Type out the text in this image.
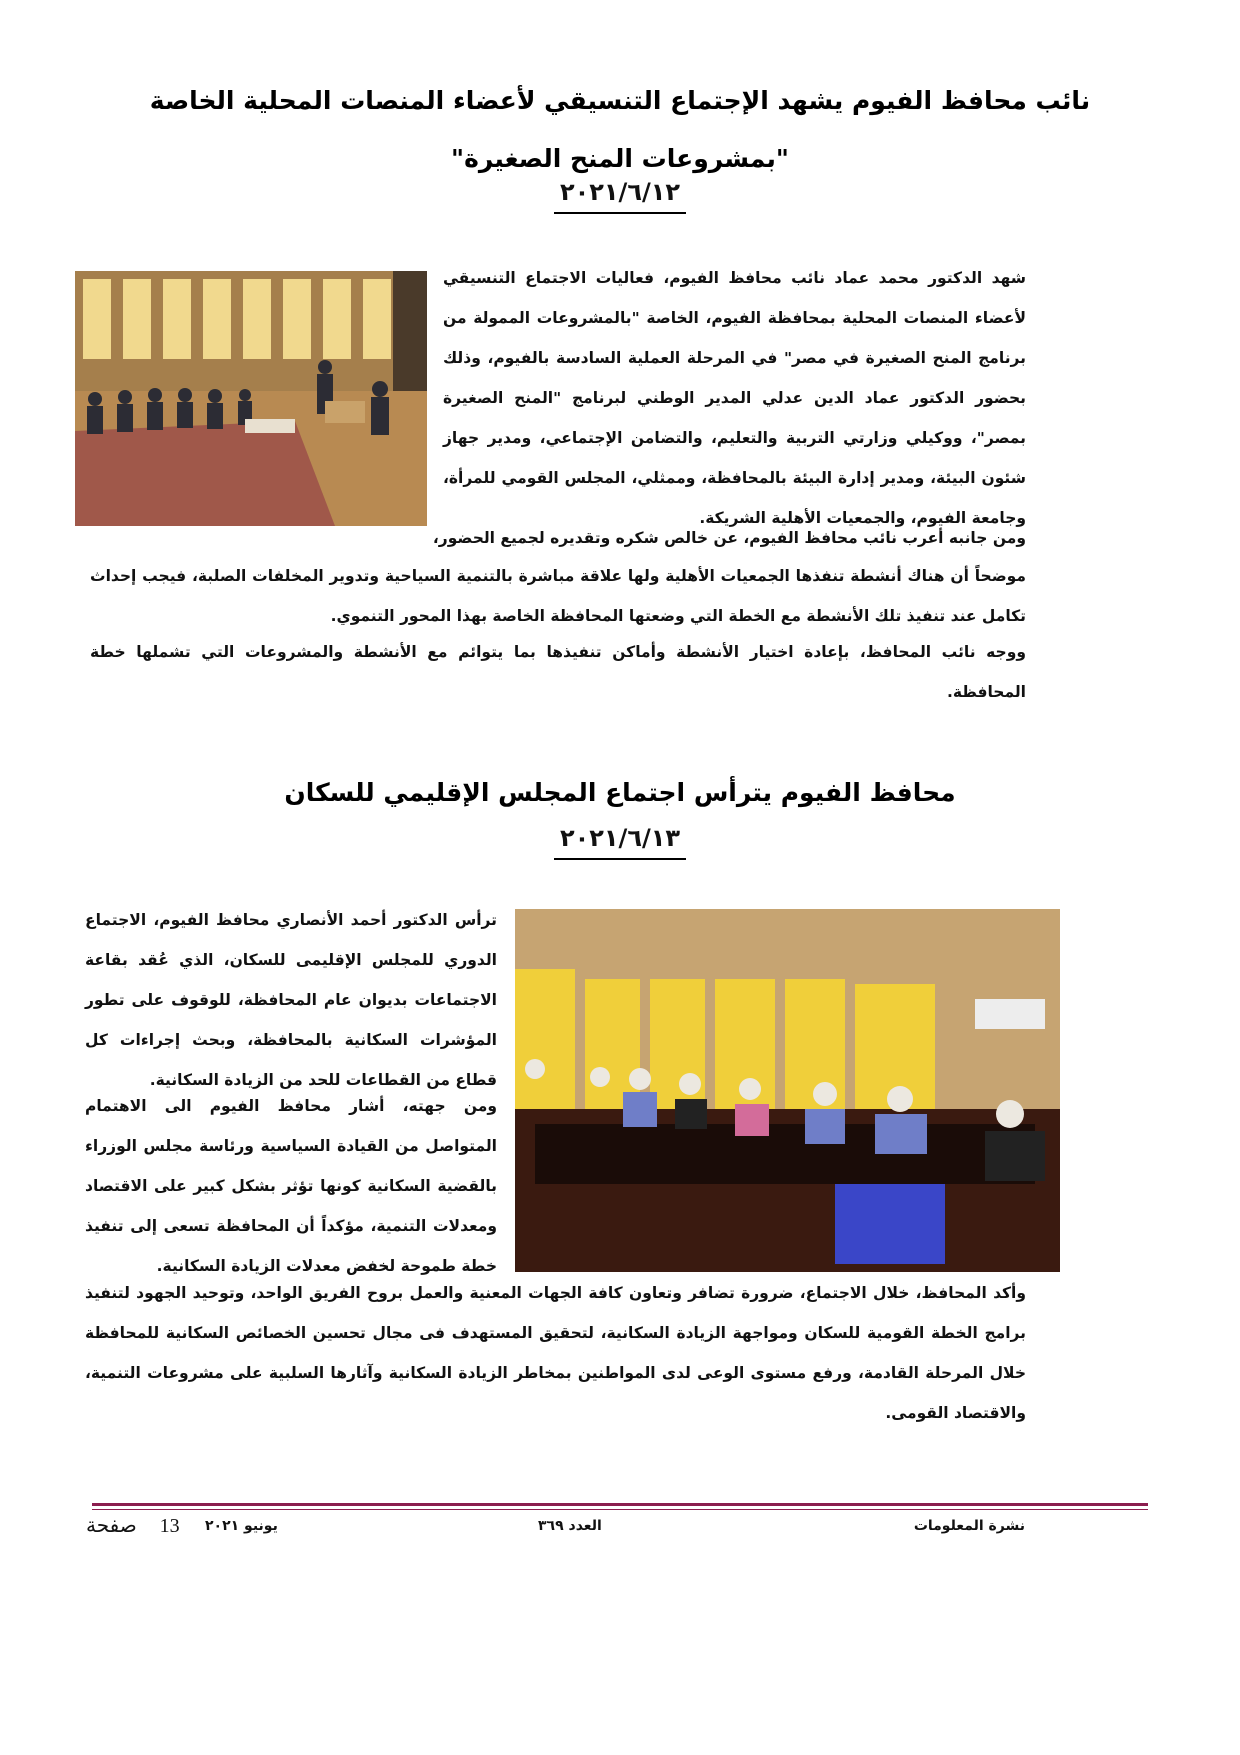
نائب محافظ الفيوم يشهد الإجتماع التنسيقي لأعضاء المنصات المحلية الخاصة "بمشروعات المنح الصغيرة"
٢٠٢١/٦/١٢

شهد الدكتور محمد عماد نائب محافظ الفيوم، فعاليات الاجتماع التنسيقي لأعضاء المنصات المحلية بمحافظة الفيوم، الخاصة "بالمشروعات الممولة من برنامج المنح الصغيرة في مصر" في المرحلة العملية السادسة بالفيوم، وذلك بحضور الدكتور عماد الدين عدلي المدير الوطني لبرنامج "المنح الصغيرة بمصر"، ووكيلي وزارتي التربية والتعليم، والتضامن الإجتماعي، ومدير جهاز شئون البيئة، ومدير إدارة البيئة بالمحافظة، وممثلي، المجلس القومي للمرأة، وجامعة الفيوم، والجمعيات الأهلية الشريكة.

ومن جانبه أعرب نائب محافظ الفيوم، عن خالص شكره وتقديره لجميع الحضور،

موضحاً أن هناك أنشطة تنفذها الجمعيات الأهلية ولها علاقة مباشرة بالتنمية السياحية وتدوير المخلفات الصلبة، فيجب إحداث تكامل عند تنفيذ تلك الأنشطة مع الخطة التي وضعتها المحافظة الخاصة بهذا المحور التنموي.

ووجه نائب المحافظ، بإعادة اختيار الأنشطة وأماكن تنفيذها بما يتوائم مع الأنشطة والمشروعات التي تشملها خطة المحافظة.

محافظ الفيوم يترأس اجتماع المجلس الإقليمي للسكان
٢٠٢١/٦/١٣

ترأس الدكتور أحمد الأنصاري محافظ الفيوم، الاجتماع الدوري للمجلس الإقليمى للسكان، الذي عُقد بقاعة الاجتماعات بديوان عام المحافظة، للوقوف على تطور المؤشرات السكانية بالمحافظة، وبحث إجراءات كل قطاع من القطاعات للحد من الزيادة السكانية.

ومن جهته، أشار محافظ الفيوم الى الاهتمام المتواصل من القيادة السياسية ورئاسة مجلس الوزراء بالقضية السكانية كونها تؤثر بشكل كبير على الاقتصاد ومعدلات التنمية، مؤكداً أن المحافظة تسعى إلى تنفيذ خطة طموحة لخفض معدلات الزيادة السكانية.

وأكد المحافظ، خلال الاجتماع، ضرورة تضافر وتعاون كافة الجهات المعنية والعمل بروح الفريق الواحد، وتوحيد الجهود لتنفيذ برامج الخطة القومية للسكان ومواجهة الزيادة السكانية، لتحقيق المستهدف فى مجال تحسين الخصائص السكانية للمحافظة خلال المرحلة القادمة، ورفع مستوى الوعى لدى المواطنين بمخاطر الزيادة السكانية وآثارها السلبية على مشروعات التنمية، والاقتصاد القومى.

نشرة المعلومات
العدد ٣٦٩
يونيو ٢٠٢١
13 صفحة
